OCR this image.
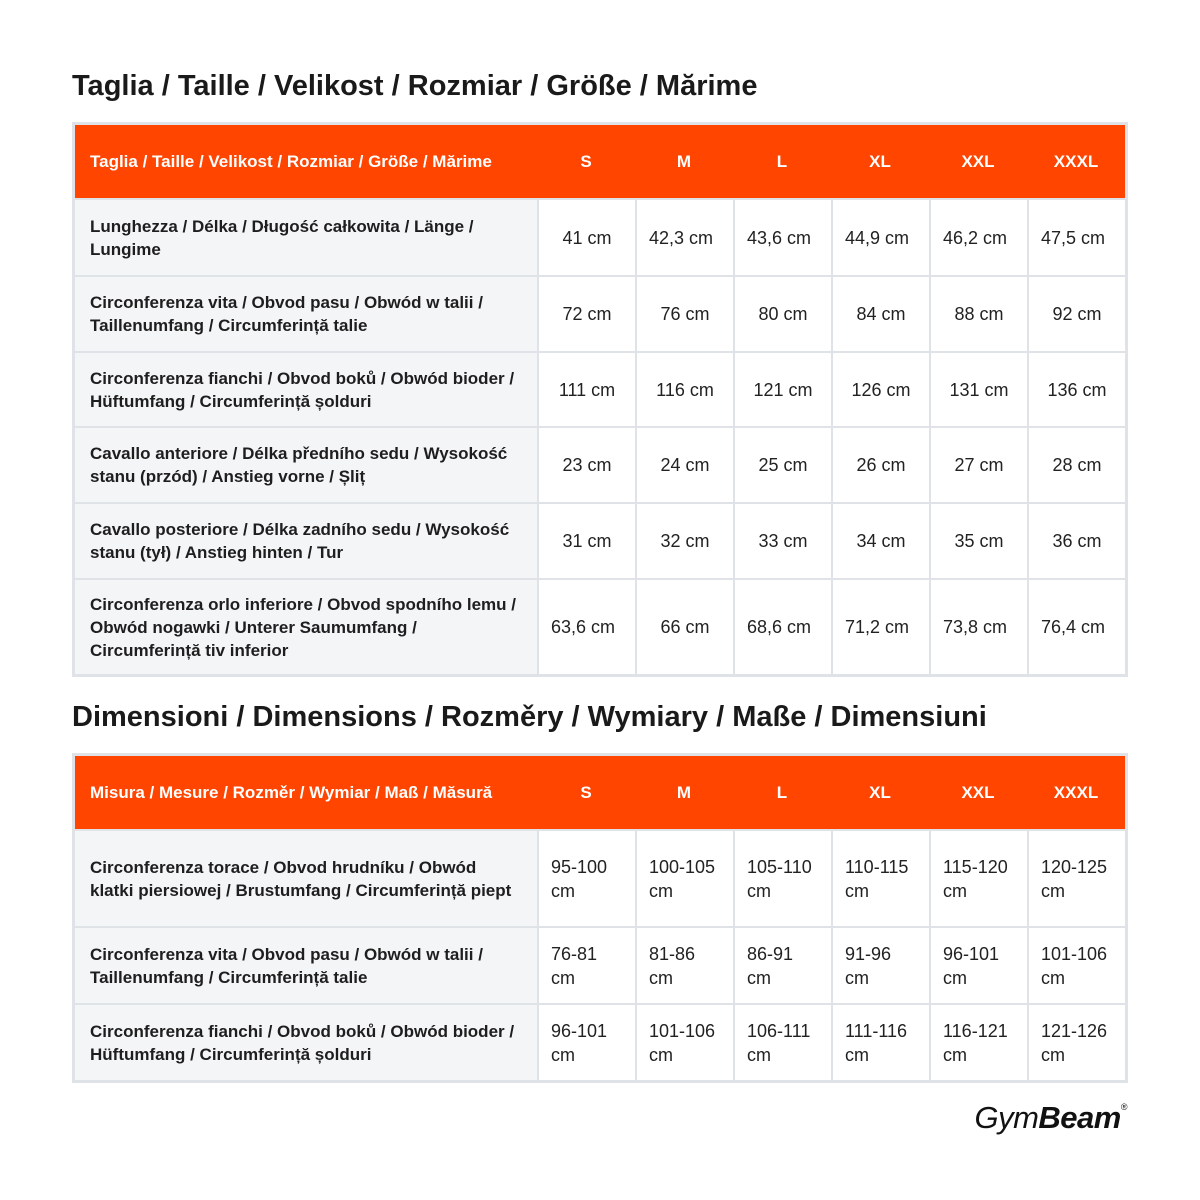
Taglia / Taille / Velikost / Rozmiar / Größe / Mărime
Taglia / Taille / Velikost / Rozmiar / Größe / Mărime	S	M	L	XL	XXL	XXXL
Lunghezza / Délka / Długość całkowita / Länge / Lungime	41 cm	42,3 cm	43,6 cm	44,9 cm	46,2 cm	47,5 cm
Circonferenza vita / Obvod pasu / Obwód w talii / Taillenumfang / Circumferință talie	72 cm	76 cm	80 cm	84 cm	88 cm	92 cm
Circonferenza fianchi / Obvod boků / Obwód bioder / Hüftumfang / Circumferință șolduri	111 cm	116 cm	121 cm	126 cm	131 cm	136 cm
Cavallo anteriore / Délka předního sedu / Wysokość stanu (przód) / Anstieg vorne / Șliț	23 cm	24 cm	25 cm	26 cm	27 cm	28 cm
Cavallo posteriore / Délka zadního sedu / Wysokość stanu (tył) / Anstieg hinten / Tur	31 cm	32 cm	33 cm	34 cm	35 cm	36 cm
Circonferenza orlo inferiore / Obvod spodního lemu / Obwód nogawki / Unterer Saumumfang / Circumferință tiv inferior	63,6 cm	66 cm	68,6 cm	71,2 cm	73,8 cm	76,4 cm
Dimensioni / Dimensions / Rozměry / Wymiary / Maße / Dimensiuni
Misura / Mesure / Rozměr / Wymiar / Maß / Măsură	S	M	L	XL	XXL	XXXL
Circonferenza torace / Obvod hrudníku / Obwód klatki piersiowej / Brustumfang / Circumferință piept	95-100 cm	100-105 cm	105-110 cm	110-115 cm	115-120 cm	120-125 cm
Circonferenza vita / Obvod pasu / Obwód w talii / Taillenumfang / Circumferință talie	76-81 cm	81-86 cm	86-91 cm	91-96 cm	96-101 cm	101-106 cm
Circonferenza fianchi / Obvod boků / Obwód bioder / Hüftumfang / Circumferință șolduri	96-101 cm	101-106 cm	106-111 cm	111-116 cm	116-121 cm	121-126 cm
GymBeam®
